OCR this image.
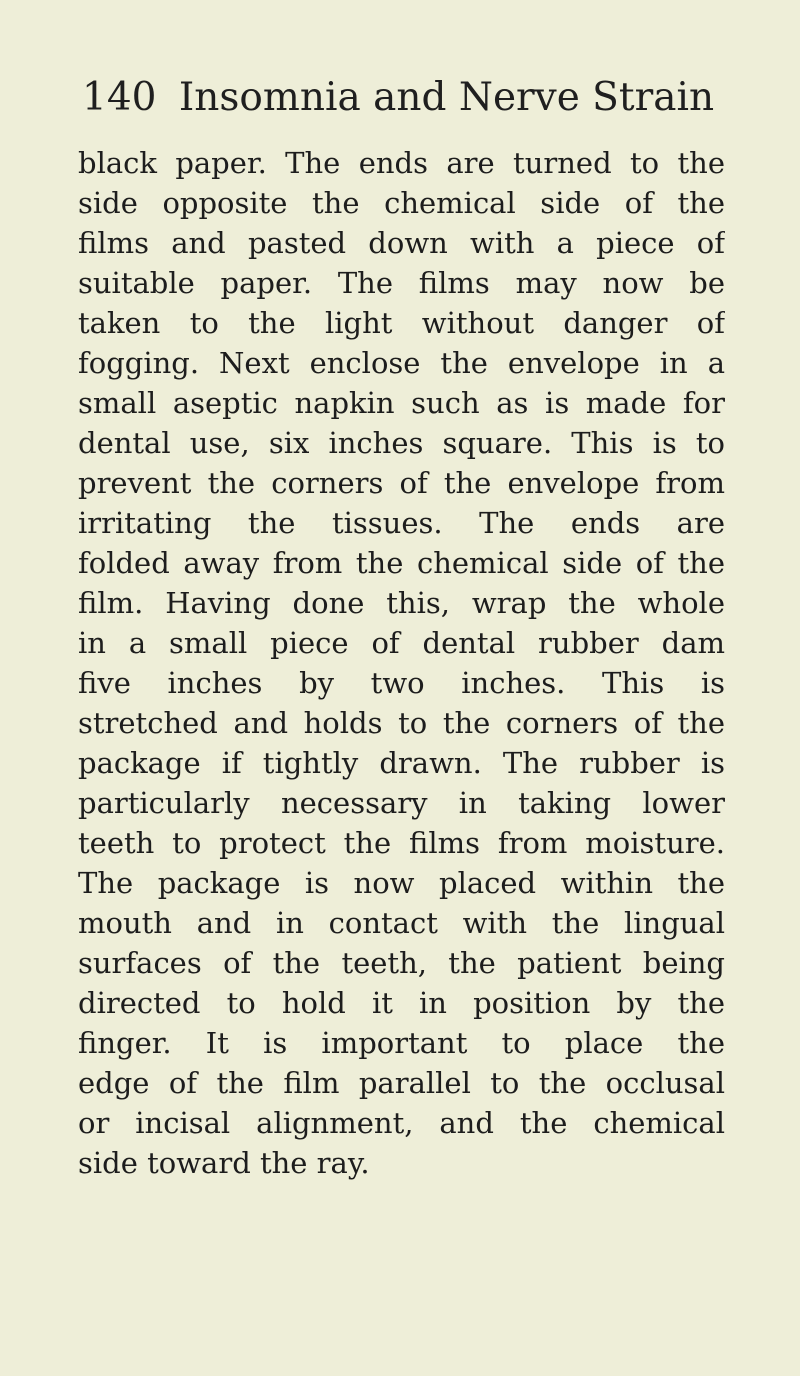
140 Insomnia and Nerve Strain
black paper. The ends are turned to the
side opposite the chemical side of the
films and pasted down with a piece of
suitable paper. The films may now be
taken to the light without danger of
fogging. Next enclose the envelope in a
small aseptic napkin such as is made for
dental use, six inches square. This is to
prevent the corners of the envelope from
irritating the tissues. The ends are
folded away from the chemical side of the
film. Having done this, wrap the whole
in a small piece of dental rubber dam
five inches by two inches. This is
stretched and holds to the corners of the
package if tightly drawn. The rubber is
particularly necessary in taking lower
teeth to protect the films from moisture.
The package is now placed within the
mouth and in contact with the lingual
surfaces of the teeth, the patient being
directed to hold it in position by the
finger. It is important to place the
edge of the film parallel to the occlusal
or incisal alignment, and the chemical
side toward the ray.
